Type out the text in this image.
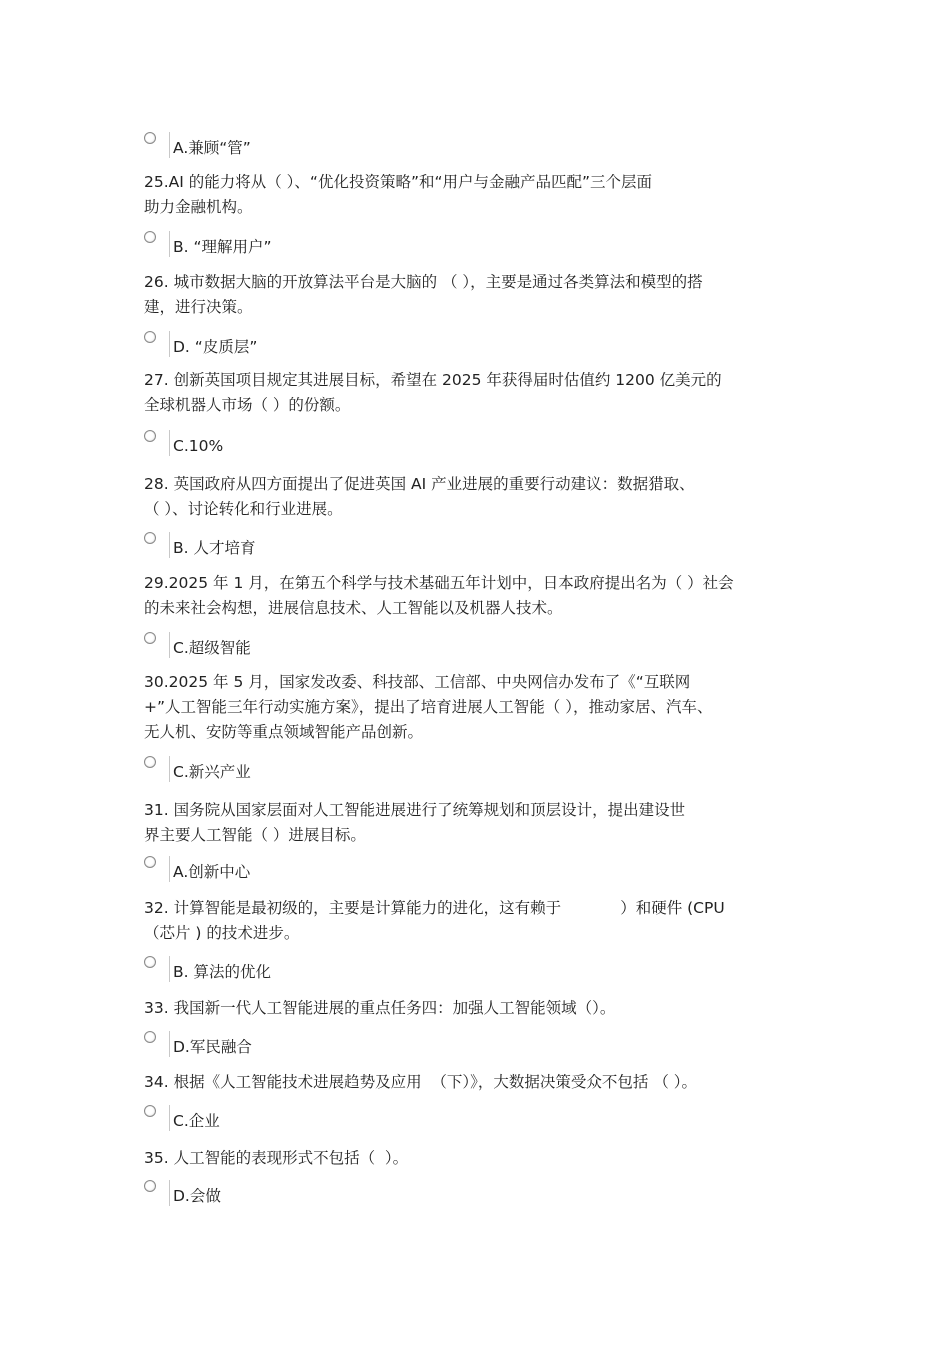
A.兼顾“管”

25.AI 的能力将从（ ）、“优化投资策略”和“用户与金融产品匹配”三个层面
助力金融机构。

B. “理解用户”

26. 城市数据大脑的开放算法平台是大脑的 （ ），主要是通过各类算法和模型的搭
建，进行决策。

D. “皮质层”

27. 创新英国项目规定其进展目标，希望在 2025 年获得届时估值约 1200 亿美元的
全球机器人市场（ ）的份额。

C.10%

28. 英国政府从四方面提出了促进英国 AI 产业进展的重要行动建议：数据猎取、
（ ）、讨论转化和行业进展。

B. 人才培育

29.2025 年 1 月，在第五个科学与技术基础五年计划中，日本政府提出名为（ ）社会
的未来社会构想，进展信息技术、人工智能以及机器人技术。

C.超级智能

30.2025 年 5 月，国家发改委、科技部、工信部、中央网信办发布了《“互联网
+”人工智能三年行动实施方案》，提出了培育进展人工智能（ ），推动家居、汽车、
无人机、安防等重点领域智能产品创新。

C.新兴产业

31. 国务院从国家层面对人工智能进展进行了统筹规划和顶层设计，提出建设世
界主要人工智能（ ）进展目标。

A.创新中心

32. 计算智能是最初级的，主要是计算能力的进化，这有赖于            ）和硬件 (CPU
（芯片 ) 的技术进步。

B. 算法的优化

33. 我国新一代人工智能进展的重点任务四：加强人工智能领域（）。

D.军民融合

34. 根据《人工智能技术进展趋势及应用  （下）》，大数据决策受众不包括 （ ）。

C.企业

35. 人工智能的表现形式不包括（  ）。

D.会做
